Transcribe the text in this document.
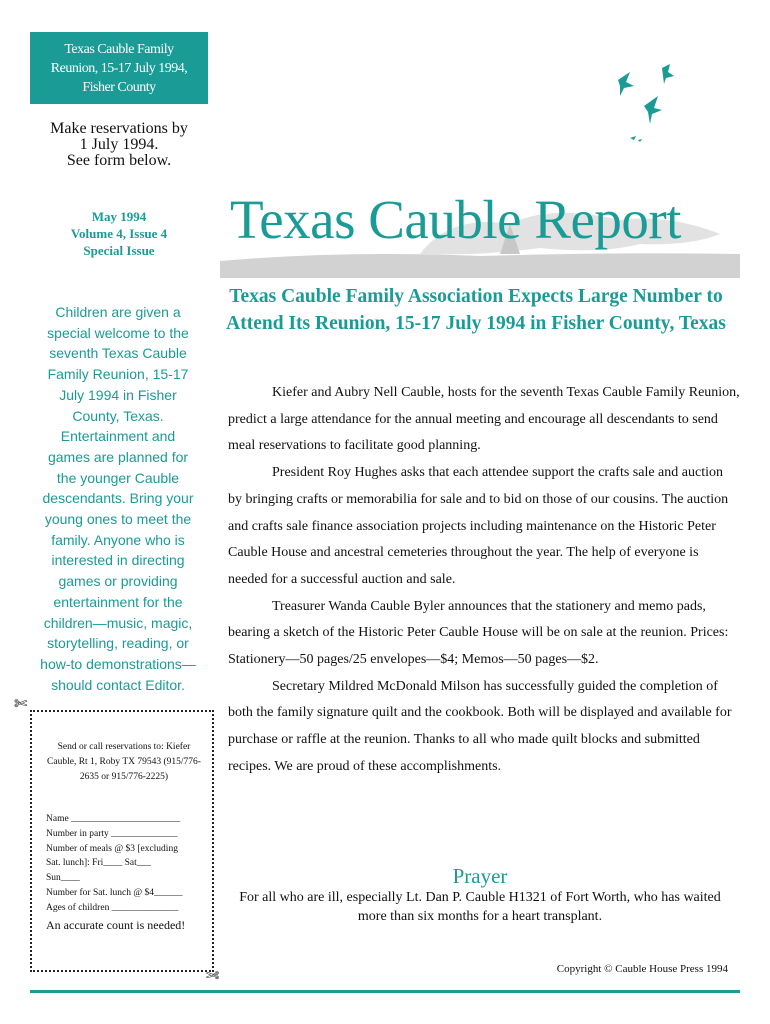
Texas Cauble Family
Reunion, 15-17 July 1994,
Fisher County
Make reservations by
1 July 1994.
See form below.
May 1994
Volume 4, Issue 4
Special Issue
Texas Cauble Report
Children are given a special welcome to the seventh Texas Cauble Family Reunion, 15-17 July 1994 in Fisher County, Texas. Entertainment and games are planned for the younger Cauble descendants. Bring your young ones to meet the family. Anyone who is interested in directing games or providing entertainment for the children—music, magic, storytelling, reading, or how-to demonstrations—should contact Editor.
✄
Send or call reservations to: Kiefer Cauble, Rt 1, Roby TX 79543 (915/776-2635 or 915/776-2225)
Name _______________________
Number in party ______________
Number of meals @ $3 [excluding
Sat. lunch]: Fri____ Sat___
Sun____
Number for Sat. lunch @ $4______
Ages of children ______________
An accurate count is needed!
✄
Texas Cauble Family Association Expects Large Number to Attend Its Reunion, 15-17 July 1994 in Fisher County, Texas

Kiefer and Aubry Nell Cauble, hosts for the seventh Texas Cauble Family Reunion, predict a large attendance for the annual meeting and encourage all descendants to send meal reservations to facilitate good planning.

President Roy Hughes asks that each attendee support the crafts sale and auction by bringing crafts or memorabilia for sale and to bid on those of our cousins. The auction and crafts sale finance association projects including maintenance on the Historic Peter Cauble House and ancestral cemeteries throughout the year. The help of everyone is needed for a successful auction and sale.

Treasurer Wanda Cauble Byler announces that the stationery and memo pads, bearing a sketch of the Historic Peter Cauble House will be on sale at the reunion. Prices: Stationery—50 pages/25 envelopes—$4; Memos—50 pages—$2.

Secretary Mildred McDonald Milson has successfully guided the completion of both the family signature quilt and the cookbook. Both will be displayed and available for purchase or raffle at the reunion. Thanks to all who made quilt blocks and submitted recipes. We are proud of these accomplishments.

Prayer
For all who are ill, especially Lt. Dan P. Cauble H1321 of Fort Worth, who has waited more than six months for a heart transplant.
Copyright © Cauble House Press 1994
